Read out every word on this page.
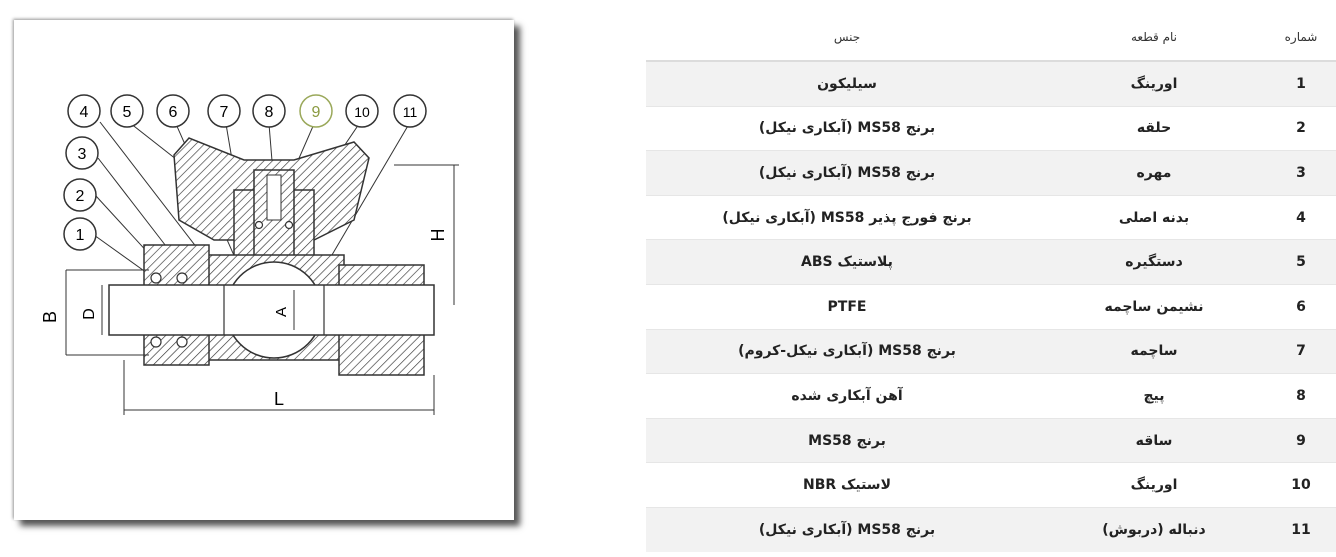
B D	A
H
L
1
2
3
4 5 6	7 8 9 10 11
شماره	نام قطعه	جنس
1	اورینگ	سیلیکون
2	حلقه	برنج MS58 (آبکاری نیکل)
3	مهره	برنج MS58 (آبکاری نیکل)
4	بدنه اصلی	برنج فورج پذیر MS58 (آبکاری نیکل)
5	دستگیره	پلاستیک ABS
6	نشیمن ساچمه	PTFE
7	ساچمه	برنج MS58 (آبکاری نیکل-کروم)
8	پیچ	آهن آبکاری شده
9	ساقه	برنج MS58
10	اورینگ	لاستیک NBR
11	دنباله (دربوش)	برنج MS58 (آبکاری نیکل)
